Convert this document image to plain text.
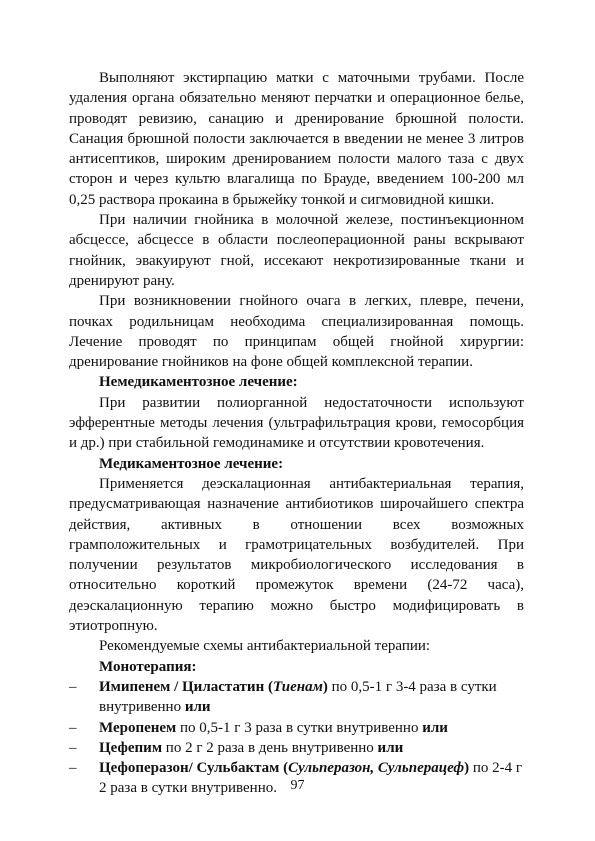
Выполняют экстирпацию матки с маточными трубами. После удаления органа обязательно меняют перчатки и операционное белье, проводят ревизию, санацию и дренирование брюшной полости. Санация брюшной полости заключается в введении не менее 3 литров антисептиков, широким дренированием полости малого таза с двух сторон и через культю влагалища по Брауде, введением 100-200 мл 0,25 раствора прокаина в брыжейку тонкой и сигмовидной кишки.

При наличии гнойника в молочной железе, постинъекционном абсцессе, абсцессе в области послеоперационной раны вскрывают гнойник, эвакуируют гной, иссекают некротизированные ткани и дренируют рану.

При возникновении гнойного очага в легких, плевре, печени, почках родильницам необходима специализированная помощь. Лечение проводят по принципам общей гнойной хирургии: дренирование гнойников на фоне общей комплексной терапии.

Немедикаментозное лечение:

При развитии полиорганной недостаточности используют эфферентные методы лечения (ультрафильтрация крови, гемосорбция и др.) при стабильной гемодинамике и отсутствии кровотечения.

Медикаментозное лечение:

Применяется деэскалационная антибактериальная терапия, предусматривающая назначение антибиотиков широчайшего спектра действия, активных в отношении всех возможных грамположительных и грамотрицательных возбудителей. При получении результатов микробиологического исследования в относительно короткий промежуток времени (24-72 часа), деэскалационную терапию можно быстро модифицировать в этиотропную.

Рекомендуемые схемы антибактериальной терапии:

Монотерапия:

– Имипенем / Циластатин (Тиенам) по 0,5-1 г 3-4 раза в сутки внутривенно или
– Меропенем по 0,5-1 г 3 раза в сутки внутривенно или
– Цефепим по 2 г 2 раза в день внутривенно или
– Цефоперазон/ Сульбактам (Сульперазон, Сульперацеф) по 2-4 г 2 раза в сутки внутривенно. 97
